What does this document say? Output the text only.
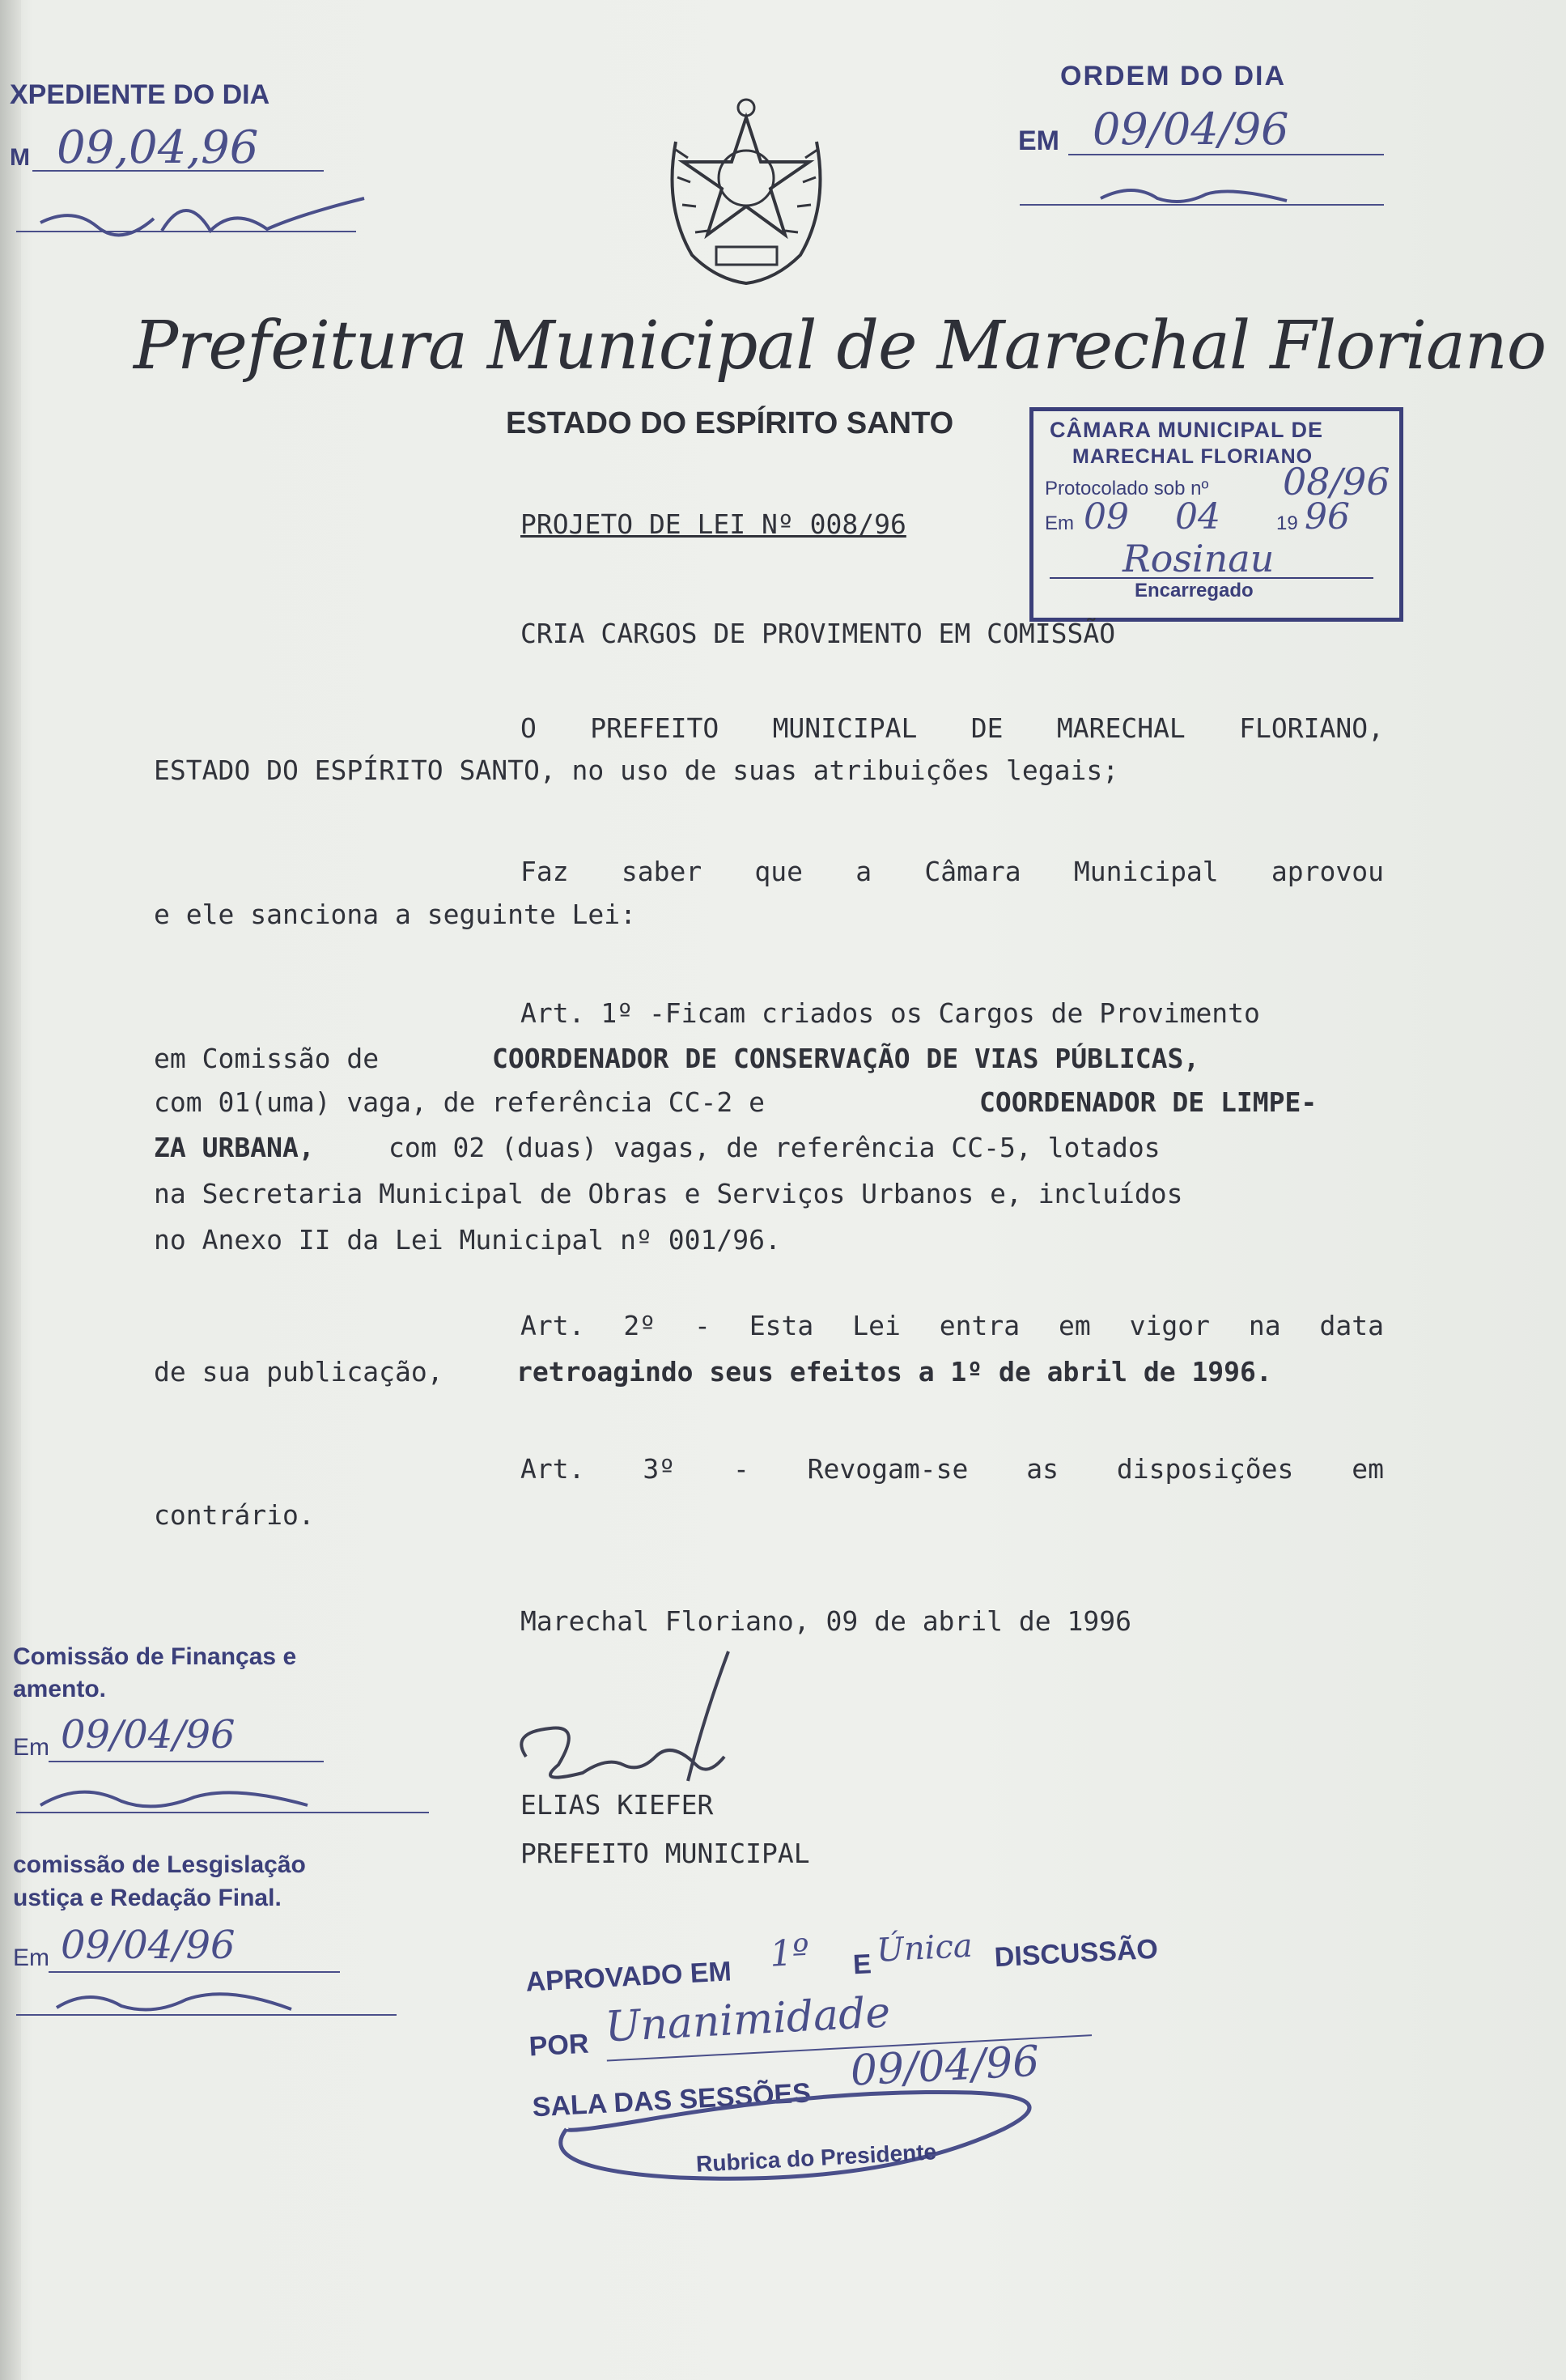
XPEDIENTE DO DIA
M 09,04,96
ORDEM DO DIA
EM 09/04/96
Prefeitura Municipal de Marechal Floriano
ESTADO DO ESPÍRITO SANTO	CÂMARA MUNICIPAL DE
MARECHAL FLORIANO
Protocolado sob nº 08/96
Em 09 04	19 96
Rosinau
Encarregado
PROJETO DE LEI Nº 008/96
CRIA CARGOS DE PROVIMENTO EM COMISSÃO
O PREFEITO MUNICIPAL DE MARECHAL FLORIANO,
ESTADO DO ESPÍRITO SANTO, no uso de suas atribuições legais;
Faz saber que a Câmara Municipal aprovou
e ele sanciona a seguinte Lei:
Art. 1º -Ficam criados os Cargos de Provimento
em Comissão de	COORDENADOR DE CONSERVAÇÃO DE VIAS PÚBLICAS,
com 01(uma) vaga, de referência CC-2 e	COORDENADOR DE LIMPE-
ZA URBANA,	com 02 (duas) vagas, de referência CC-5, lotados
na Secretaria Municipal de Obras e Serviços Urbanos e, incluídos
no Anexo II da Lei Municipal nº 001/96.
Art. 2º - Esta Lei entra em vigor na data
de sua publicação,	retroagindo seus efeitos a 1º de abril de 1996.
Art. 3º - Revogam-se as disposições em
contrário.
Marechal Floriano, 09 de abril de 1996
ELIAS KIEFER
PREFEITO MUNICIPAL
Comissão de Finanças e
amento.
Em 09/04/96
comissão de Lesgislação
ustiça e Redação Final.
Em 09/04/96
APROVADO EM
1º E Única DISCUSSÃO
POR Unanimidade
SALA DAS SESSÕES
09/04/96
Rubrica do Presidente
